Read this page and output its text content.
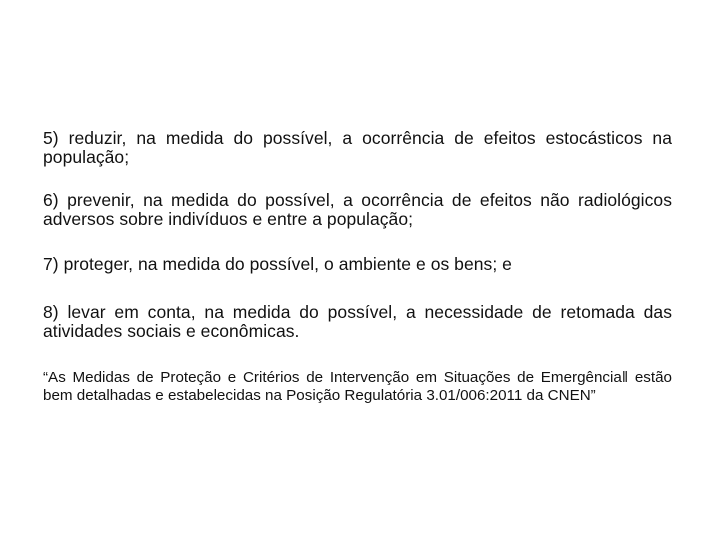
5) reduzir, na medida do possível, a ocorrência de efeitos estocásticos na população;

6) prevenir, na medida do possível, a ocorrência de efeitos não radiológicos adversos sobre indivíduos e entre a população;

7) proteger, na medida do possível, o ambiente e os bens; e

8) levar em conta, na medida do possível, a necessidade de retomada das atividades sociais e econômicas.

“As Medidas de Proteção e Critérios de Intervenção em Situações de Emergência‖ estão bem detalhadas e estabelecidas na Posição Regulatória 3.01/006:2011 da CNEN”
